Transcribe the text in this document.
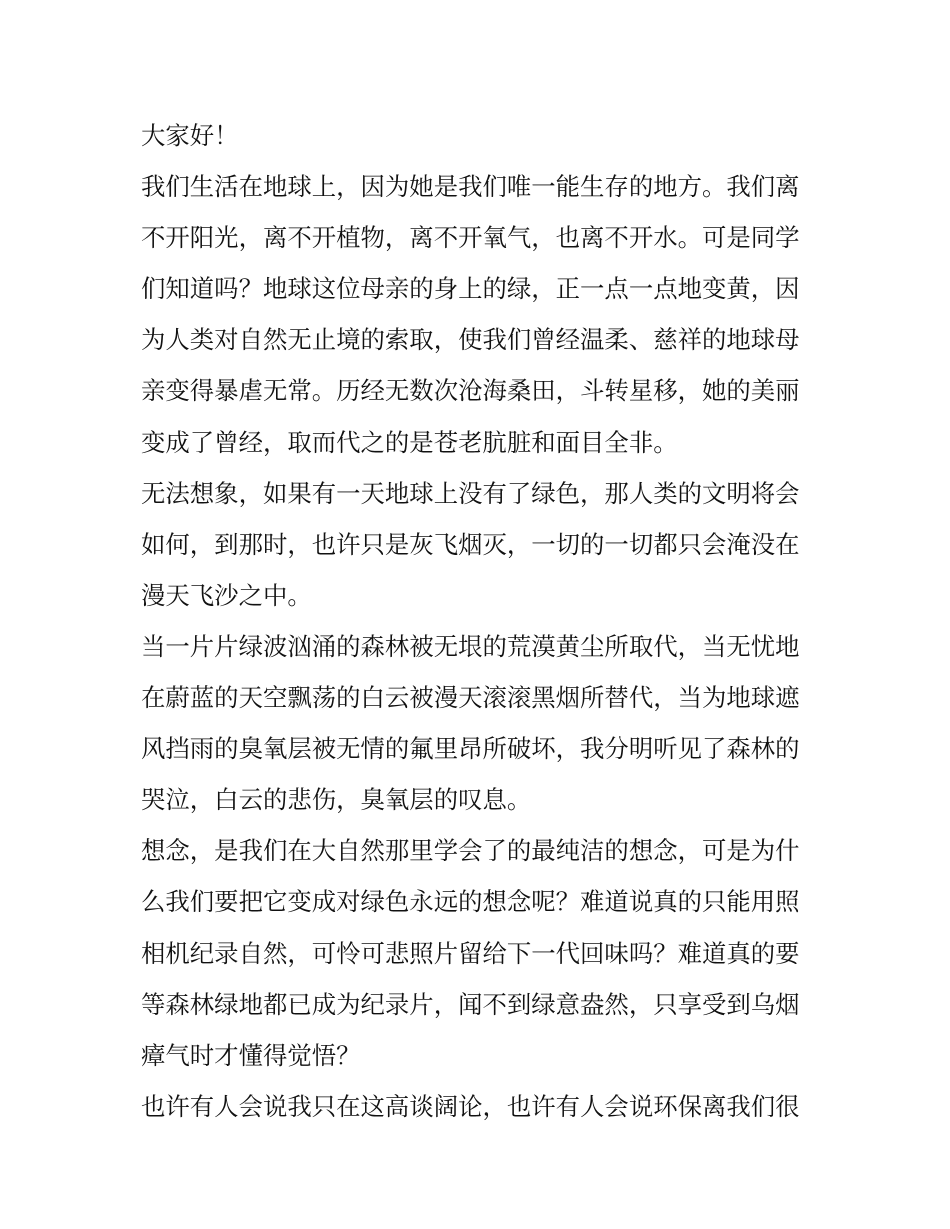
大家好！
我们生活在地球上，因为她是我们唯一能生存的地方。我们离
不开阳光，离不开植物，离不开氧气，也离不开水。可是同学
们知道吗？地球这位母亲的身上的绿，正一点一点地变黄，因
为人类对自然无止境的索取，使我们曾经温柔、慈祥的地球母
亲变得暴虐无常。历经无数次沧海桑田，斗转星移，她的美丽
变成了曾经，取而代之的是苍老肮脏和面目全非。
无法想象，如果有一天地球上没有了绿色，那人类的文明将会
如何，到那时，也许只是灰飞烟灭，一切的一切都只会淹没在
漫天飞沙之中。
当一片片绿波汹涌的森林被无垠的荒漠黄尘所取代，当无忧地
在蔚蓝的天空飘荡的白云被漫天滚滚黑烟所替代，当为地球遮
风挡雨的臭氧层被无情的氟里昂所破坏，我分明听见了森林的
哭泣，白云的悲伤，臭氧层的叹息。
想念，是我们在大自然那里学会了的最纯洁的想念，可是为什
么我们要把它变成对绿色永远的想念呢？难道说真的只能用照
相机纪录自然，可怜可悲照片留给下一代回味吗？难道真的要
等森林绿地都已成为纪录片，闻不到绿意盎然，只享受到乌烟
瘴气时才懂得觉悟？
也许有人会说我只在这高谈阔论，也许有人会说环保离我们很
